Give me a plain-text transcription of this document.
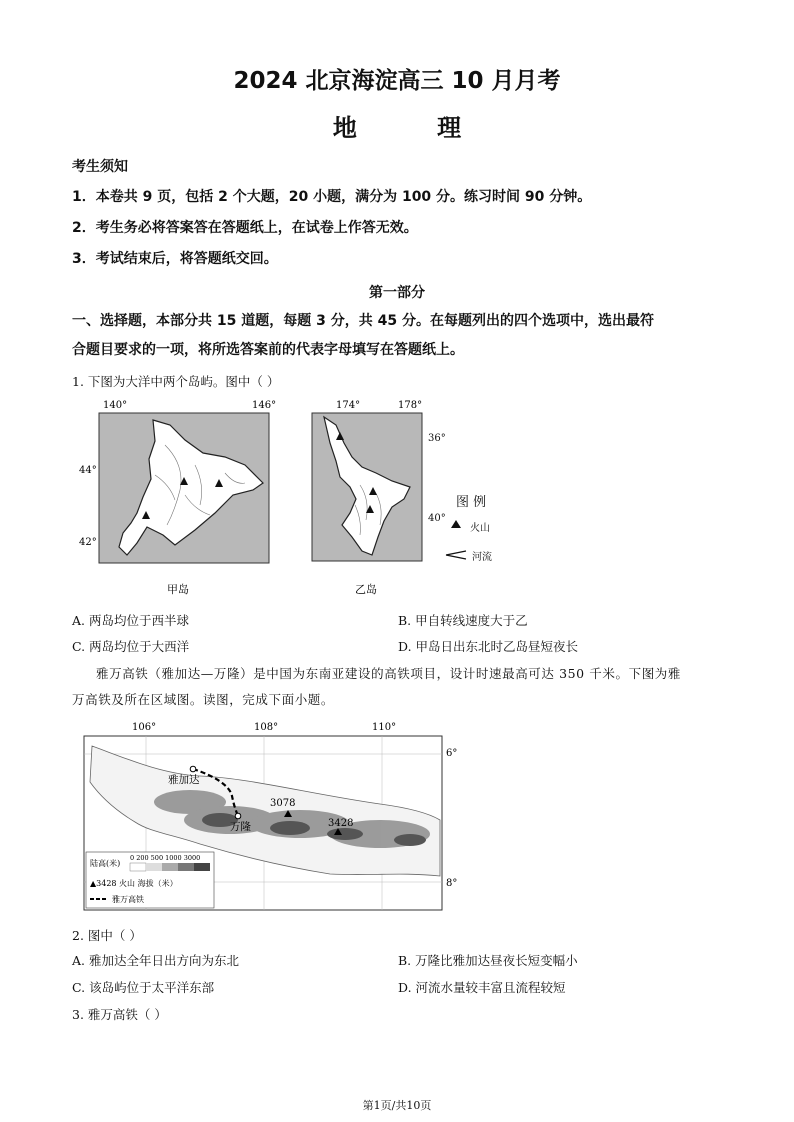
2024 北京海淀高三 10 月月考
地 理
考生须知
1．本卷共 9 页，包括 2 个大题，20 小题，满分为 100 分。练习时间 90 分钟。
2．考生务必将答案答在答题纸上，在试卷上作答无效。
3．考试结束后，将答题纸交回。
第一部分
一、选择题，本部分共 15 道题，每题 3 分，共 45 分。在每题列出的四个选项中，选出最符
合题目要求的一项，将所选答案前的代表字母填写在答题纸上。
1. 下图为大洋中两个岛屿。图中（ ）
140°	146°
44°
42°
甲岛
174°	178°
乙岛
36°
40°
图 例
火山
河流
A. 两岛均位于西半球	B. 甲自转线速度大于乙
C. 两岛均位于大西洋	D. 甲岛日出东北时乙岛昼短夜长
雅万高铁（雅加达—万隆）是中国为东南亚建设的高铁项目，设计时速最高可达 350 千米。下图为雅
万高铁及所在区域图。读图，完成下面小题。
106°	108°	110°
6°
8°
雅加达
万隆
3078
3428
陆高(米)
0 200 500 1000 3000
▲3428 火山 海拔（米）
雅万高铁
2. 图中（ ）
A. 雅加达全年日出方向为东北	B. 万隆比雅加达昼夜长短变幅小
C. 该岛屿位于太平洋东部	D. 河流水量较丰富且流程较短
3. 雅万高铁（ ）
第1页/共10页
